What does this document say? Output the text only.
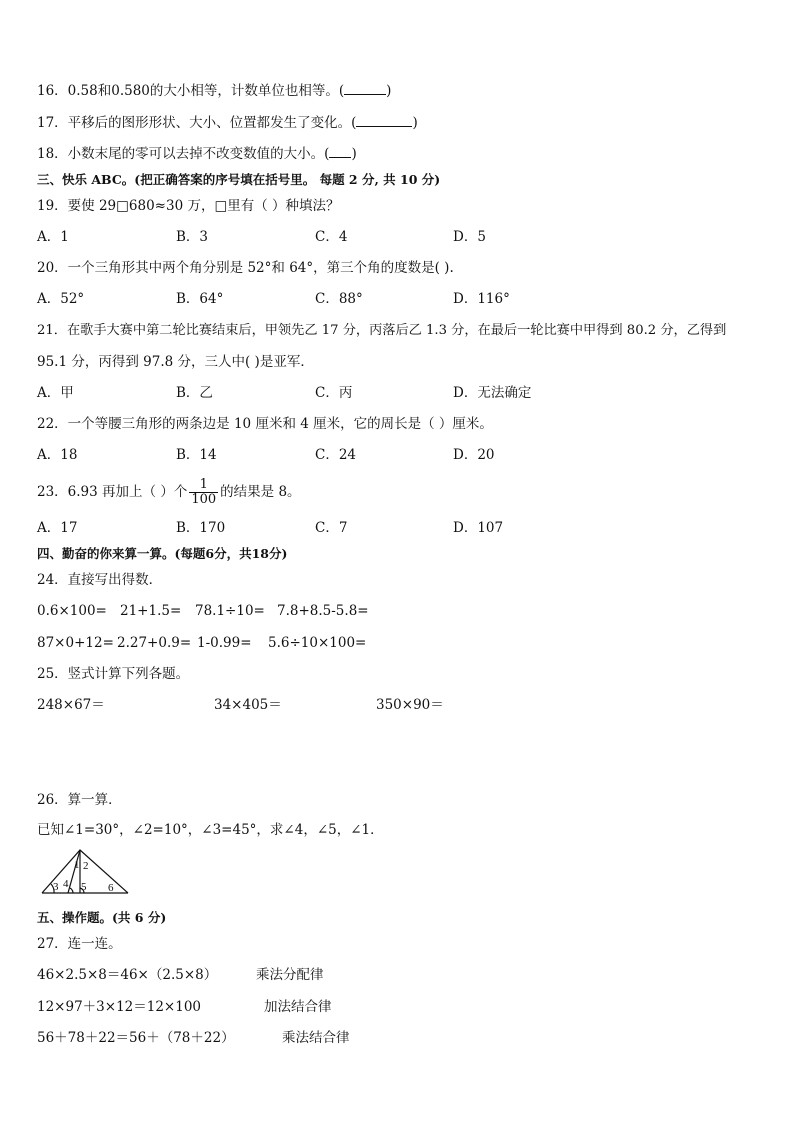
16．0.58和0.580的大小相等，计数单位也相等。(	)
17．平移后的图形形状、大小、位置都发生了变化。(	)
18．小数末尾的零可以去掉不改变数值的大小。( )
三、快乐 ABC。(把正确答案的序号填在括号里。 每题 2 分, 共 10 分)
19．要使 29□680≈30 万，□里有（ ）种填法？
A．1	B．3	C．4	D．5
20．一个三角形其中两个角分别是 52°和 64°，第三个角的度数是( ).
A．52°	B．64°	C．88°	D．116°
21．在歌手大赛中第二轮比赛结束后，甲领先乙 17 分，丙落后乙 1.3 分，在最后一轮比赛中甲得到 80.2 分，乙得到
95.1 分，丙得到 97.8 分，三人中( )是亚军．
A．甲	B．乙	C．丙	D．无法确定
22．一个等腰三角形的两条边是 10 厘米和 4 厘米，它的周长是（ ）厘米。
A．18	B．14	C．24	D．20
23．6.93 再加上（ ）个 $\frac{1}{100}$ 的结果是 8。
A．17	B．170	C．7	D．107
四、勤奋的你来算一算。(每题6分，共18分)
24．直接写出得数．
0.6×100= 21+1.5= 78.1÷10= 7.8+8.5-5.8=
87×0+12= 2.27+0.9= 1-0.99= 5.6÷10×100=
25．竖式计算下列各题。
248×67＝	34×405＝	350×90＝
26．算一算．
已知∠1=30°，∠2=10°，∠3=45°，求∠4，∠5，∠1．
1 2
3 4 5 6
五、操作题。(共 6 分)
27．连一连。
46×2.5×8＝46×（2.5×8）	乘法分配律
12×97＋3×12＝12×100	加法结合律
56＋78＋22＝56＋（78＋22）	乘法结合律
